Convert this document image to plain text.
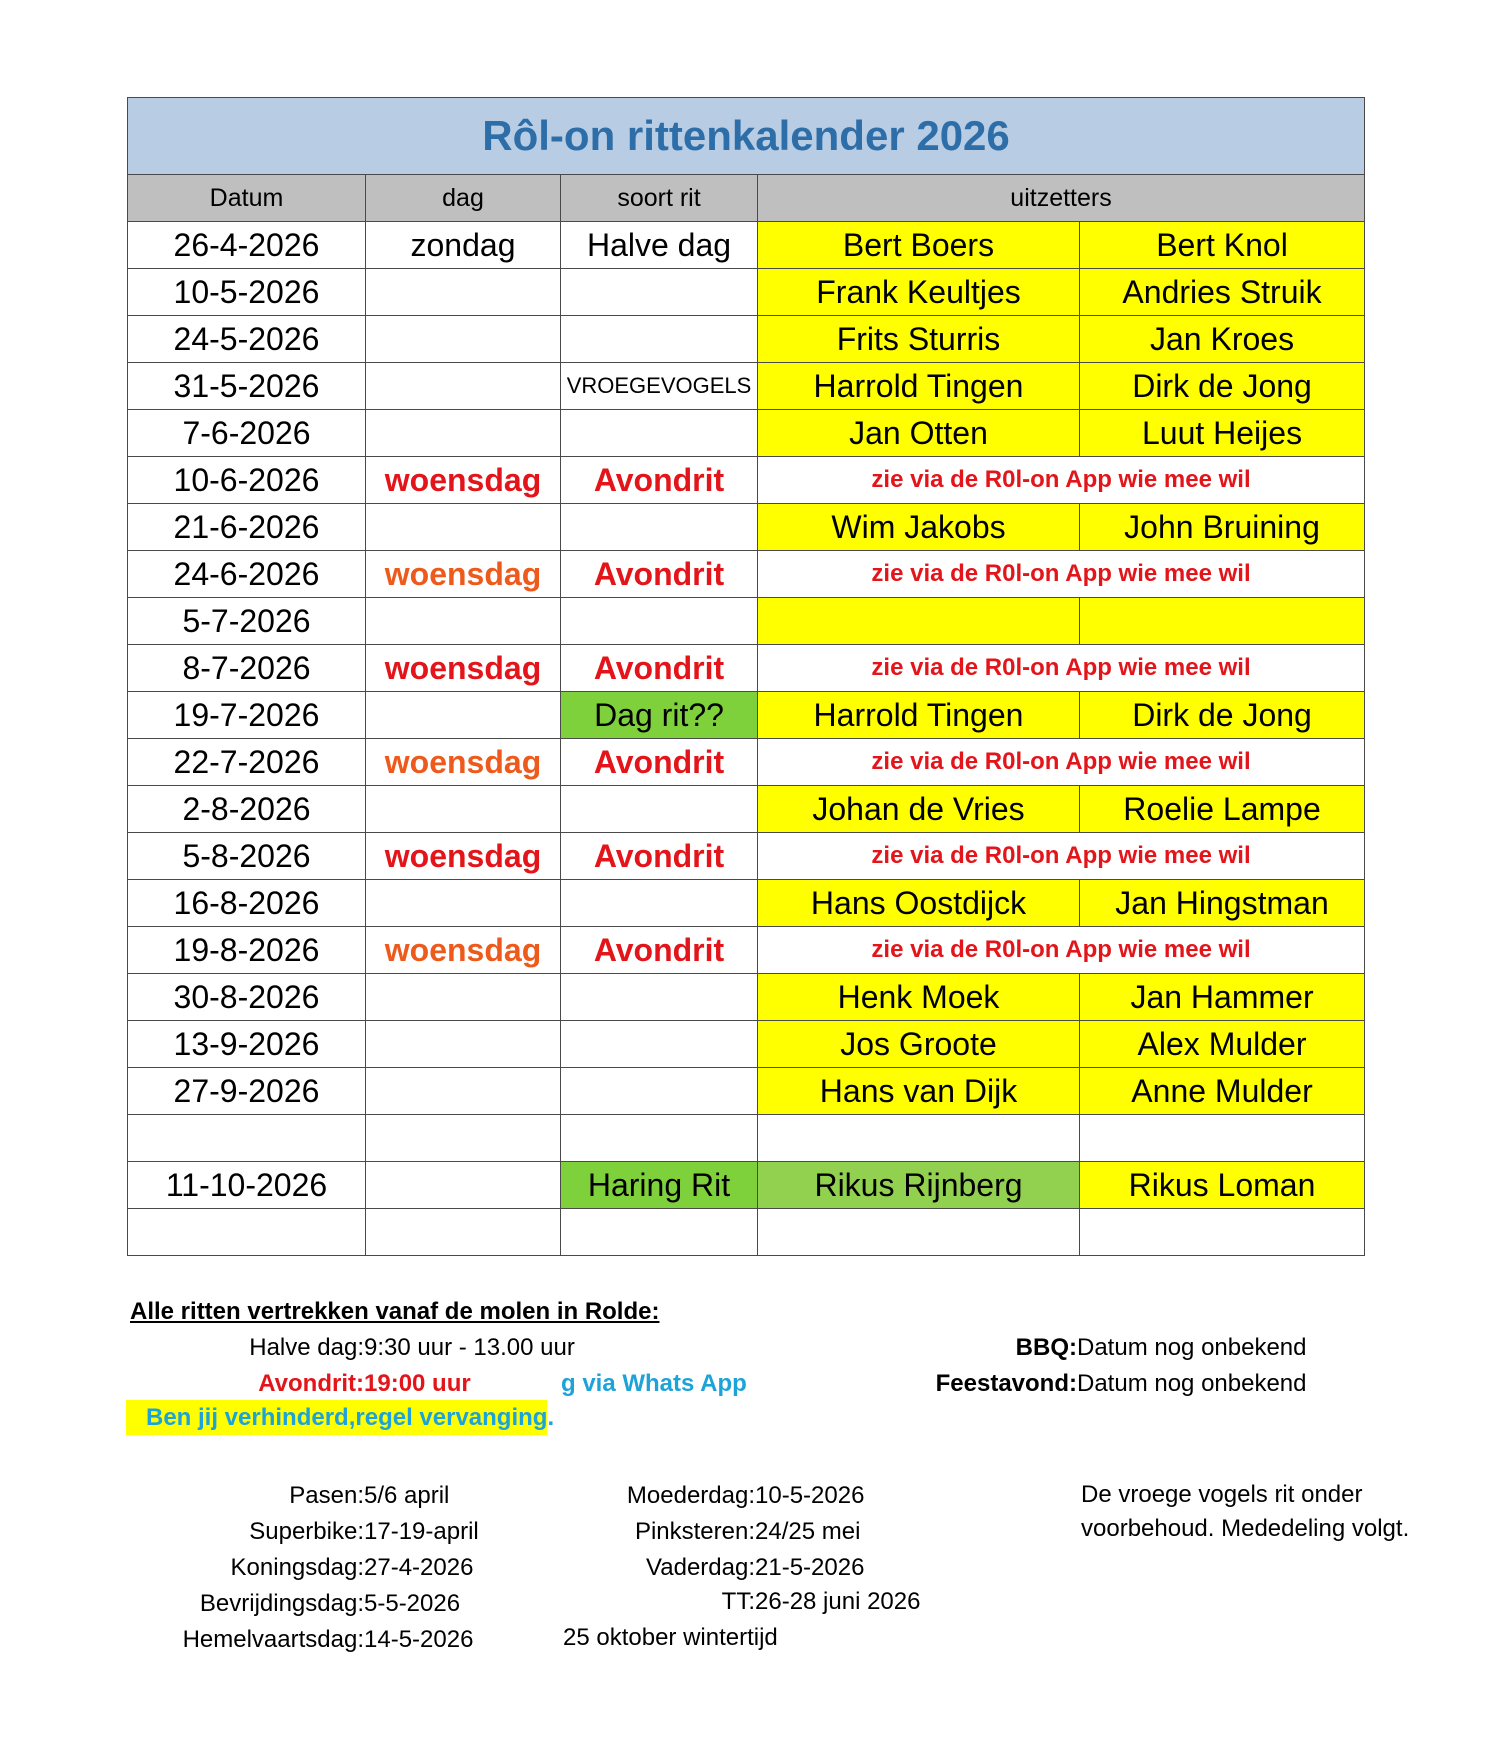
Rôl-on rittenkalender 2026				
Datum	dag	soort rit	uitzetters	
26-4-2026	zondag	Halve dag	Bert Boers	Bert Knol
10-5-2026			Frank Keultjes	Andries Struik
24-5-2026			Frits Sturris	Jan Kroes
31-5-2026		VROEGEVOGELS	Harrold Tingen	Dirk de Jong
7-6-2026			Jan Otten	Luut Heijes
10-6-2026	woensdag	Avondrit	zie via de R0l-on App wie mee wil	
21-6-2026			Wim Jakobs	John Bruining
24-6-2026	woensdag	Avondrit	zie via de R0l-on App wie mee wil	
5-7-2026				
8-7-2026	woensdag	Avondrit	zie via de R0l-on App wie mee wil	
19-7-2026		Dag rit??	Harrold Tingen	Dirk de Jong
22-7-2026	woensdag	Avondrit	zie via de R0l-on App wie mee wil	
2-8-2026			Johan de Vries	Roelie Lampe
5-8-2026	woensdag	Avondrit	zie via de R0l-on App wie mee wil	
16-8-2026			Hans Oostdijck	Jan Hingstman
19-8-2026	woensdag	Avondrit	zie via de R0l-on App wie mee wil	
30-8-2026			Henk Moek	Jan Hammer
13-9-2026			Jos Groote	Alex Mulder
27-9-2026			Hans van Dijk	Anne Mulder

11-10-2026		Haring Rit	Rikus Rijnberg	Rikus Loman

Alle ritten vertrekken vanaf de molen in Rolde:
Halve dag:9:30 uur - 13.00 uur
Avondrit:19:00 uur	g via Whats App
Ben jij verhinderd,regel vervanging.
BBQ:Datum nog onbekend
Feestavond:Datum nog onbekend
Pasen:5/6 april
Superbike:17-19-april
Koningsdag:27-4-2026
Bevrijdingsdag:5-5-2026
Hemelvaartsdag:14-5-2026
Moederdag:10-5-2026
Pinksteren:24/25 mei
Vaderdag:21-5-2026
TT:26-28 juni 2026
25 oktober wintertijd
De vroege vogels rit onder
voorbehoud. Mededeling volgt.
